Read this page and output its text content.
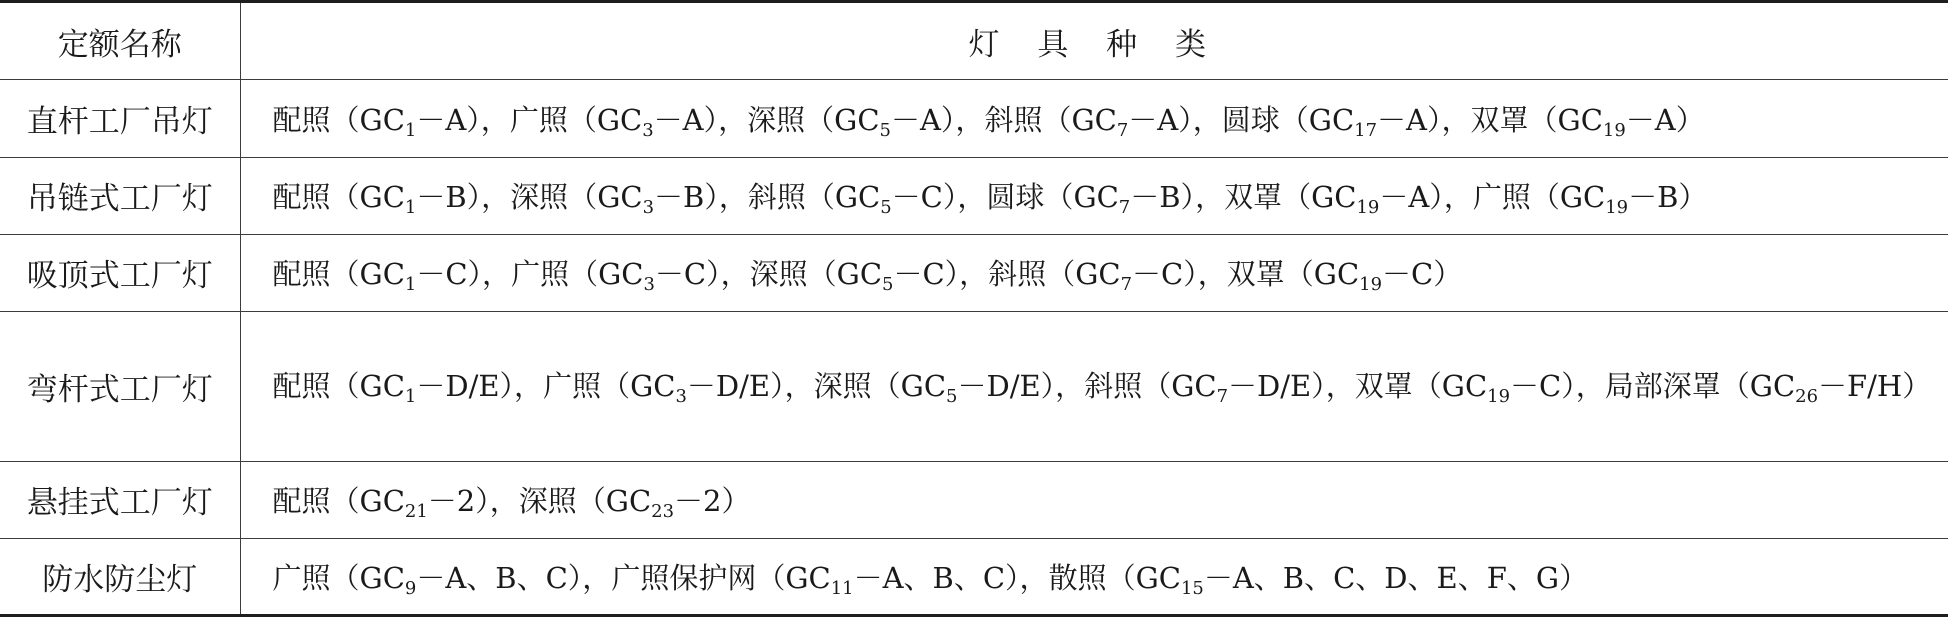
定额名称	灯 具 种 类
直杆工厂吊灯	配照$(GC_1-A)$，广照$(GC_3-A)$，深照$(GC_5-A)$，斜照$(GC_7-A)$，圆球$(GC_{17}-A)$，双罩$(GC_{19}-A)$
吊链式工厂灯	配照$(GC_1-B)$，深照$(GC_3-B)$，斜照$(GC_5-C)$，圆球$(GC_7-B)$，双罩$(GC_{19}-A)$，广照$(GC_{19}-B)$
吸顶式工厂灯	配照$(GC_1-C)$，广照$(GC_3-C)$，深照$(GC_5-C)$，斜照$(GC_7-C)$，双罩$(GC_{19}-C)$
弯杆式工厂灯	配照$(GC_1-D/E)$，广照$(GC_3-D/E)$，深照$(GC_5-D/E)$，斜照$(GC_7-D/E)$，双罩$(GC_{19}-C)$，局部深罩$(GC_{26}-F/H)$
悬挂式工厂灯	配照$(GC_{21}-2)$，深照$(GC_{23}-2)$
防水防尘灯	广照（$GC_9-A$、B、C），广照保护网（$GC_{11}-A$、B、C），散照（$GC_{15}-A$、B、C、D、E、F、G）
